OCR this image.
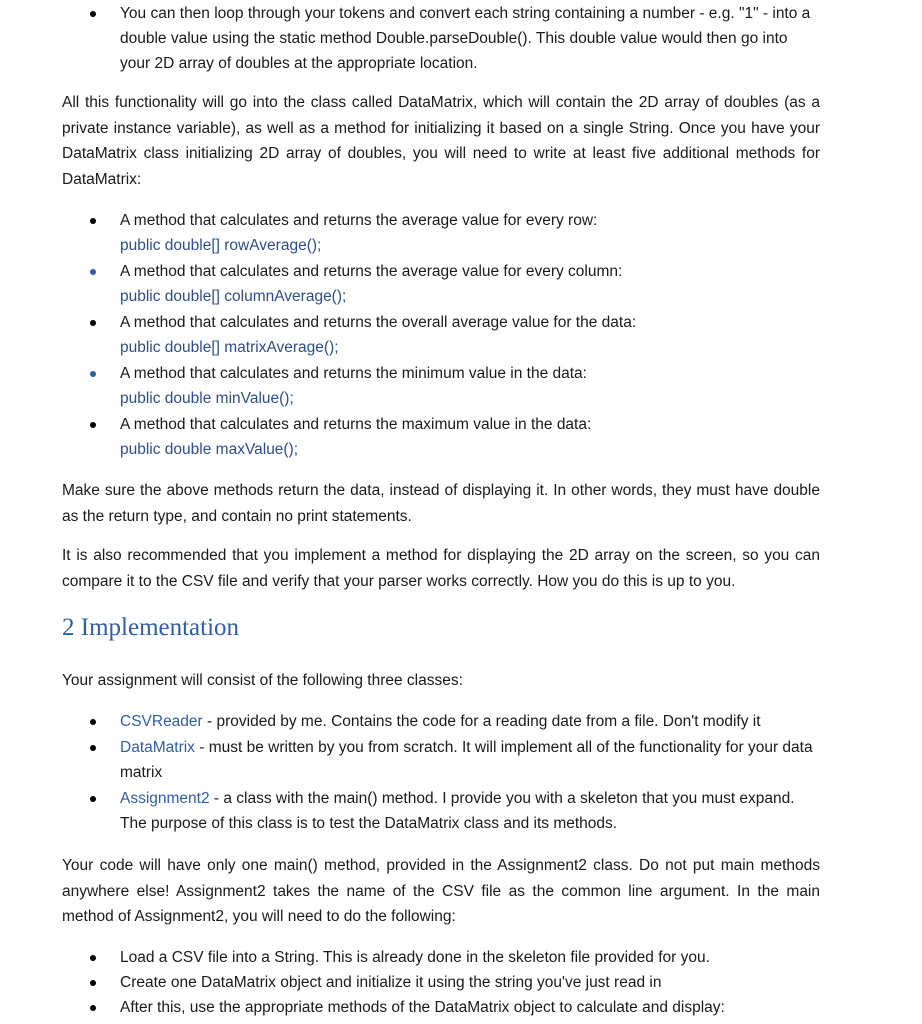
You can then loop through your tokens and convert each string containing a number - e.g. "1" - into a double value using the static method Double.parseDouble(). This double value would then go into your 2D array of doubles at the appropriate location.

All this functionality will go into the class called DataMatrix, which will contain the 2D array of doubles (as a private instance variable), as well as a method for initializing it based on a single String. Once you have your DataMatrix class initializing 2D array of doubles, you will need to write at least five additional methods for DataMatrix:

A method that calculates and returns the average value for every row:
public double[] rowAverage();
A method that calculates and returns the average value for every column:
public double[] columnAverage();
A method that calculates and returns the overall average value for the data:
public double[] matrixAverage();
A method that calculates and returns the minimum value in the data:
public double minValue();
A method that calculates and returns the maximum value in the data:
public double maxValue();

Make sure the above methods return the data, instead of displaying it. In other words, they must have double as the return type, and contain no print statements.

It is also recommended that you implement a method for displaying the 2D array on the screen, so you can compare it to the CSV file and verify that your parser works correctly. How you do this is up to you.

2 Implementation

Your assignment will consist of the following three classes:

CSVReader - provided by me. Contains the code for a reading date from a file. Don't modify it
DataMatrix - must be written by you from scratch. It will implement all of the functionality for your data matrix
Assignment2 - a class with the main() method. I provide you with a skeleton that you must expand. The purpose of this class is to test the DataMatrix class and its methods.

Your code will have only one main() method, provided in the Assignment2 class. Do not put main methods anywhere else! Assignment2 takes the name of the CSV file as the common line argument. In the main method of Assignment2, you will need to do the following:

Load a CSV file into a String. This is already done in the skeleton file provided for you.
Create one DataMatrix object and initialize it using the string you've just read in
After this, use the appropriate methods of the DataMatrix object to calculate and display:
